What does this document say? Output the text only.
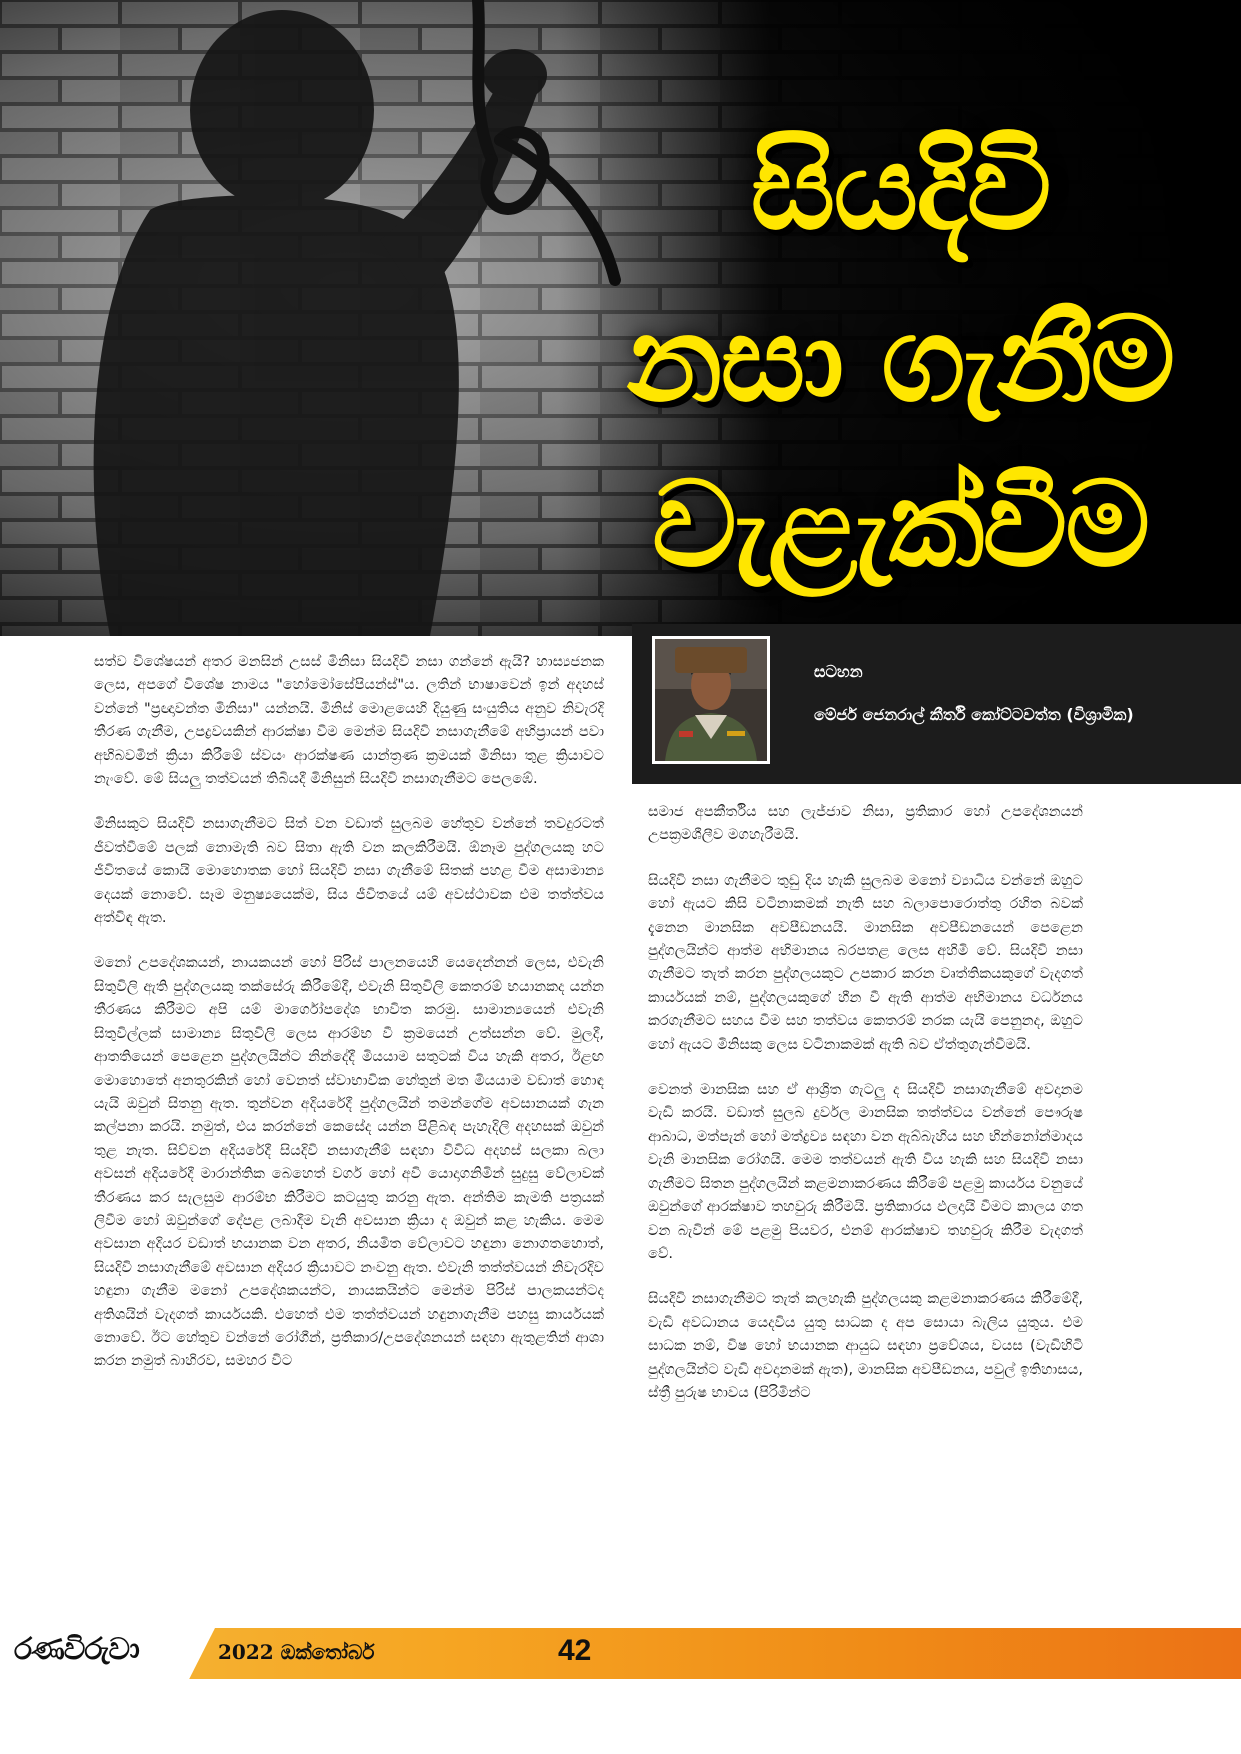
සියදිවි
නසා ගැනීම
වැළැක්වීම
සටහන
මේජර් ජෙනරාල් කීර්ති කෝට්ටවත්ත (විශ්‍රාමික)

සත්ව විශේෂයන් අතර මනසින් උසස් මිනිසා සියදිවි නසා ගන්නේ ඇයි? හාස්‍යජනක ලෙස, අපගේ විශේෂ නාමය "හෝමෝසේපියන්ස්"ය. ලතින් භාෂාවෙන් ඉන් අදහස් වන්නේ "ප්‍රඥාවන්ත මිනිසා" යන්නයි. මිනිස් මොළයෙහි දියුණු සංයුතිය අනුව නිවැරදි තීරණ ගැනීම, උපද්‍රවයකින් ආරක්ෂා වීම මෙන්ම සියදිවි නසාගැනීමේ අභිප්‍රායන් පවා අභිබවමින් ක්‍රියා කිරීමේ ස්වයං ආරක්ෂණ යාන්ත්‍රණ ක්‍රමයක් මිනිසා තුළ ක්‍රියාවට නැංවේ. මේ සියලු තත්වයන් තිබියදී මිනිසුන් සියදිවි නසාගැනීමට පෙලඹේ.

මිනිසකුට සියදිවි නසාගැනීමට සිත් වන වඩාත් සුලබම හේතුව වන්නේ තවදුරටත් ජීවත්වීමේ පලක් නොමැති බව සිතා ඇති වන කලකිරීමයි. ඕනෑම පුද්ගලයකු හට ජීවිතයේ කොයි මොහොතක හෝ සියදිවි නසා ගැනීමේ සිතක් පහළ වීම අසාමාන්‍ය දෙයක් නොවේ. සෑම මනුෂ්‍යයෙක්ම, සිය ජීවිතයේ යම් අවස්ථාවක එම තත්ත්වය අත්විඳ ඇත.

මනෝ උපදේශකයන්, නායකයන් හෝ පිරිස් පාලනයෙහි යෙදෙන්නන් ලෙස, එවැනි සිතුවිලි ඇති පුද්ගලයකු තක්සේරු කිරීමේදී, එවැනි සිතුවිලි කෙතරම් භයානකද යන්න තීරණය කිරීමට අපි යම් මාර්ගෝපදේශ භාවිත කරමු. සාමාන්‍යයෙන් එවැනි සිතුවිල්ලක් සාමාන්‍ය සිතුවිලි ලෙස ආරම්භ වී ක්‍රමයෙන් උත්සන්න වේ. මුලදී, ආතතියෙන් පෙළෙන පුද්ගලයින්ට නින්දේදී මියයාම සතුටක් විය හැකි අතර, ඊළඟ මොහොතේ අනතුරකින් හෝ වෙනත් ස්වාභාවික හේතුන් මත මියයාම වඩාත් හොඳ යැයි ඔවුන් සිතනු ඇත. තුන්වන අදියරේදී පුද්ගලයින් තමන්ගේම අවසානයක් ගැන කල්පනා කරයි. නමුත්, එය කරන්නේ කෙසේද යන්න පිළිබඳ පැහැදිලි අදහසක් ඔවුන් තුළ නැත. සිව්වන අදියරේදී සියදිවි නසාගැනීම් සඳහා විවිධ අදහස් සලකා බලා අවසන් අදියරේදී මාරාන්තික බෙහෙත් වර්ග හෝ අවි යොදාගනිමින් සුදුසු වේලාවක් තීරණය කර සැලසුම ආරම්භ කිරීමට කටයුතු කරනු ඇත. අන්තිම කැමති පත්‍රයක් ලිවීම හෝ ඔවුන්ගේ දේපළ ලබාදීම වැනි අවසාන ක්‍රියා ද ඔවුන් කළ හැකිය. මෙම අවසාන අදියර වඩාත් භයානක වන අතර, නියමිත වේලාවට හඳුනා නොගතහොත්, සියදිවි නසාගැනීමේ අවසාන අදියර ක්‍රියාවට නංවනු ඇත. එවැනි තත්ත්වයන් නිවැරදිව හඳුනා ගැනීම මනෝ උපදේශකයන්ට, නායකයින්ට මෙන්ම පිරිස් පාලකයන්ටද අතිශයින් වැදගත් කාර්යයකි. එහෙත් එම තත්ත්වයන් හඳුනාගැනීම පහසු කාර්යයක් නොවේ. ඊට හේතුව වන්නේ රෝගීන්, ප්‍රතිකාර/උපදේශනයන් සඳහා ඇතුළතින් ආශා කරන නමුත් බාහිරව, සමහර විට

සමාජ අපකීර්තිය සහ ලැජ්ජාව නිසා, ප්‍රතිකාර හෝ උපදේශනයන් උපක්‍රමශීලීව මගහැරීමයි.

සියදිවි නසා ගැනීමට තුඩු දිය හැකි සුලබම මනෝ ව්‍යාධිය වන්නේ ඔහුට හෝ ඇයට කිසි වටිනාකමක් නැති සහ බලාපොරොත්තු රහිත බවක් දැනෙන මානසික අවපීඩනයයි. මානසික අවපීඩනයෙන් පෙළෙන පුද්ගලයින්ට ආත්ම අභිමානය බරපතළ ලෙස අහිමි වේ. සියදිවි නසා ගැනීමට තැත් කරන පුද්ගලයකුට උපකාර කරන වෘත්තිකයකුගේ වැදගත් කාර්යයක් නම්, පුද්ගලයකුගේ හීන වී ඇති ආත්ම අභිමානය වර්ධනය කරගැනීමට සහය වීම සහ තත්වය කෙතරම් නරක යැයි පෙනුනද, ඔහුට හෝ ඇයට මිනිසකු ලෙස වටිනාකමක් ඇති බව ඒත්තුගැන්වීමයි.

වෙනත් මානසික සහ ඒ ආශ්‍රිත ගැටලු ද සියදිවි නසාගැනීමේ අවදානම වැඩි කරයි. වඩාත් සුලබ දුර්වල මානසික තත්ත්වය වන්නේ පෞරුෂ ආබාධ, මත්පැන් හෝ මත්ද්‍රව්‍ය සඳහා වන ඇබ්බැහිය සහ භින්නෝන්මාදය වැනි මානසික රෝගයි. මෙම තත්වයන් ඇති විය හැකි සහ සියදිවි නසා ගැනීමට සිතන පුද්ගලයින් කළමනාකරණය කිරීමේ පළමු කාර්යය වනුයේ ඔවුන්ගේ ආරක්ෂාව තහවුරු කිරීමයි. ප්‍රතිකාරය ඵලදායි වීමට කාලය ගත වන බැවින් මේ පළමු පියවර, එනම් ආරක්ෂාව තහවුරු කිරීම වැදගත් වේ.

සියදිවි නසාගැනීමට තැත් කලහැකි පුද්ගලයකු කළමනාකරණය කිරීමේදී, වැඩි අවධානය යෙදවිය යුතු සාධක ද අප සොයා බැලිය යුතුය. එම සාධක නම්, විෂ හෝ භයානක ආයුධ සඳහා ප්‍රවේශය, වයස (වැඩිහිටි පුද්ගලයින්ට වැඩි අවදානමක් ඇත), මානසික අවපීඩනය, පවුල් ඉතිහාසය, ස්ත්‍රී පුරුෂ භාවය (පිරිමින්ට

රණවිරුවා	2022 ඔක්තෝබර්	42
